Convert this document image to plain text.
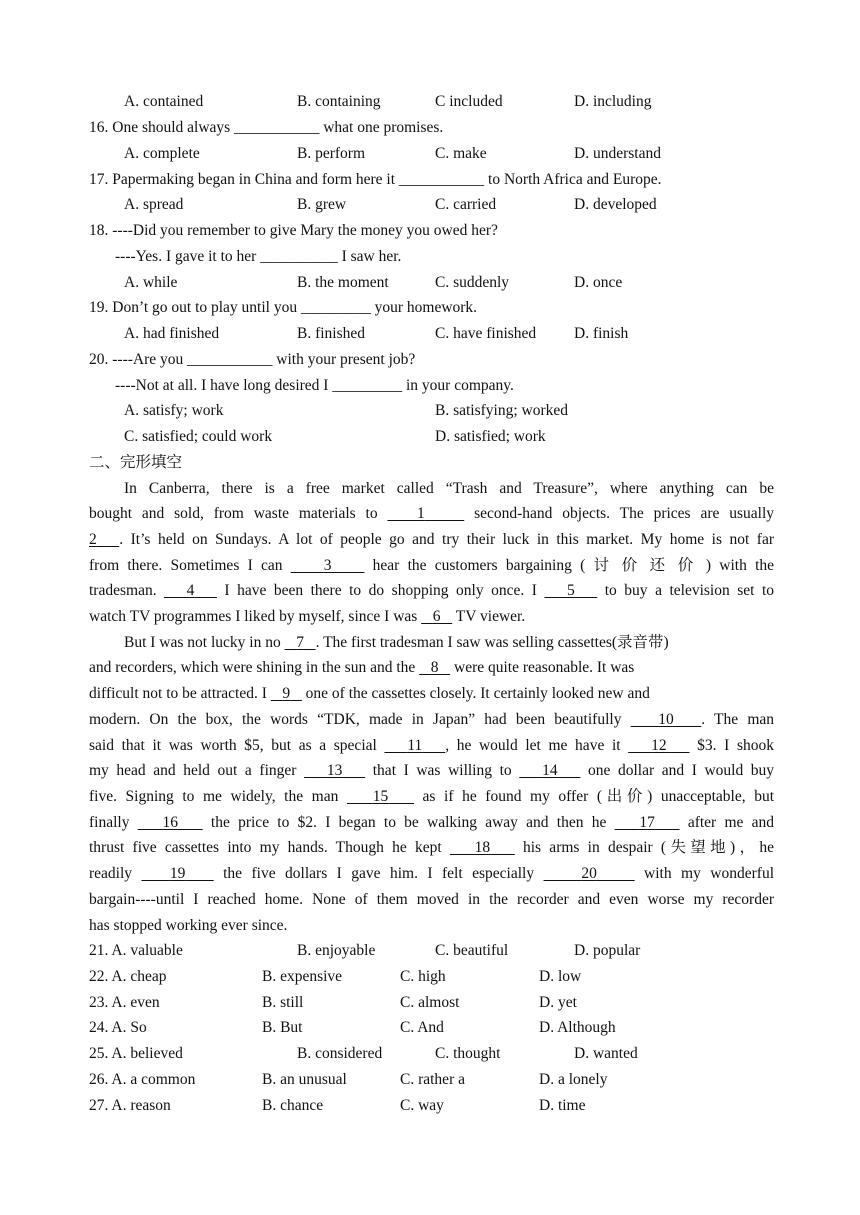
A. contained	B. containing	C included	D. including
16. One should always ___________ what one promises.
A. complete	B. perform	C. make	D. understand
17. Papermaking began in China and form here it ___________ to North Africa and Europe.
A. spread	B. grew	C. carried	D. developed
18. ----Did you remember to give Mary the money you owed her?
----Yes. I gave it to her __________ I saw her.
A. while	B. the moment	C. suddenly	D. once
19. Don’t go out to play until you _________ your homework.
A. had finished	B. finished	C. have finished D. finish
20. ----Are you ___________ with your present job?
----Not at all. I have long desired I _________ in your company.
A. satisfy; work	B. satisfying; worked
C. satisfied; could work	D. satisfied; work
二、完形填空
In Canberra, there is a free market called “Trash and Treasure”, where anything can be
bought and sold, from waste materials to    1	second-hand objects. The prices are usually
2 . It’s held on Sundays. A lot of people go and try their luck in this market. My home is not far
from there. Sometimes I can     3     hear the customers bargaining ( 讨 价 还 价 ) with the
tradesman.    4    I have been there to do shopping only once. I    5    to buy a television set to
watch TV programmes I liked by myself, since I was    6    TV viewer.
But I was not lucky in no    7 . The first tradesman I saw was selling cassettes(录音带)
and recorders, which were shining in the sun and the    8    were quite reasonable. It was
difficult not to be attracted. I    9    one of the cassettes closely. It certainly looked new and
modern. On the box, the words “TDK, made in Japan” had been beautifully    10 . The man
said that it was worth $5, but as a special    11 , he would let me have it    12    $3. I shook
my head and held out a finger    13    that I was willing to    14    one dollar and I would buy
five. Signing to me widely, the man    15    as if he found my offer (出价) unacceptable, but
finally    16    the price to $2. I began to be walking away and then he    17    after me and
thrust five cassettes into my hands. Though he kept    18    his arms in despair (失望地)，he
readily    19    the five dollars I gave him. I felt especially     20     with my wonderful
bargain----until I reached home. None of them moved in the recorder and even worse my recorder
has stopped working ever since.
21. A. valuable	B. enjoyable	C. beautiful	D. popular
22. A. cheap	B. expensive	C. high	D. low
23. A. even	B. still	C. almost	D. yet
24. A. So	B. But	C. And	D. Although
25. A. believed	B. considered	C. thought	D. wanted
26. A. a common	B. an unusual	C. rather a	D. a lonely
27. A. reason	B. chance	C. way	D. time
